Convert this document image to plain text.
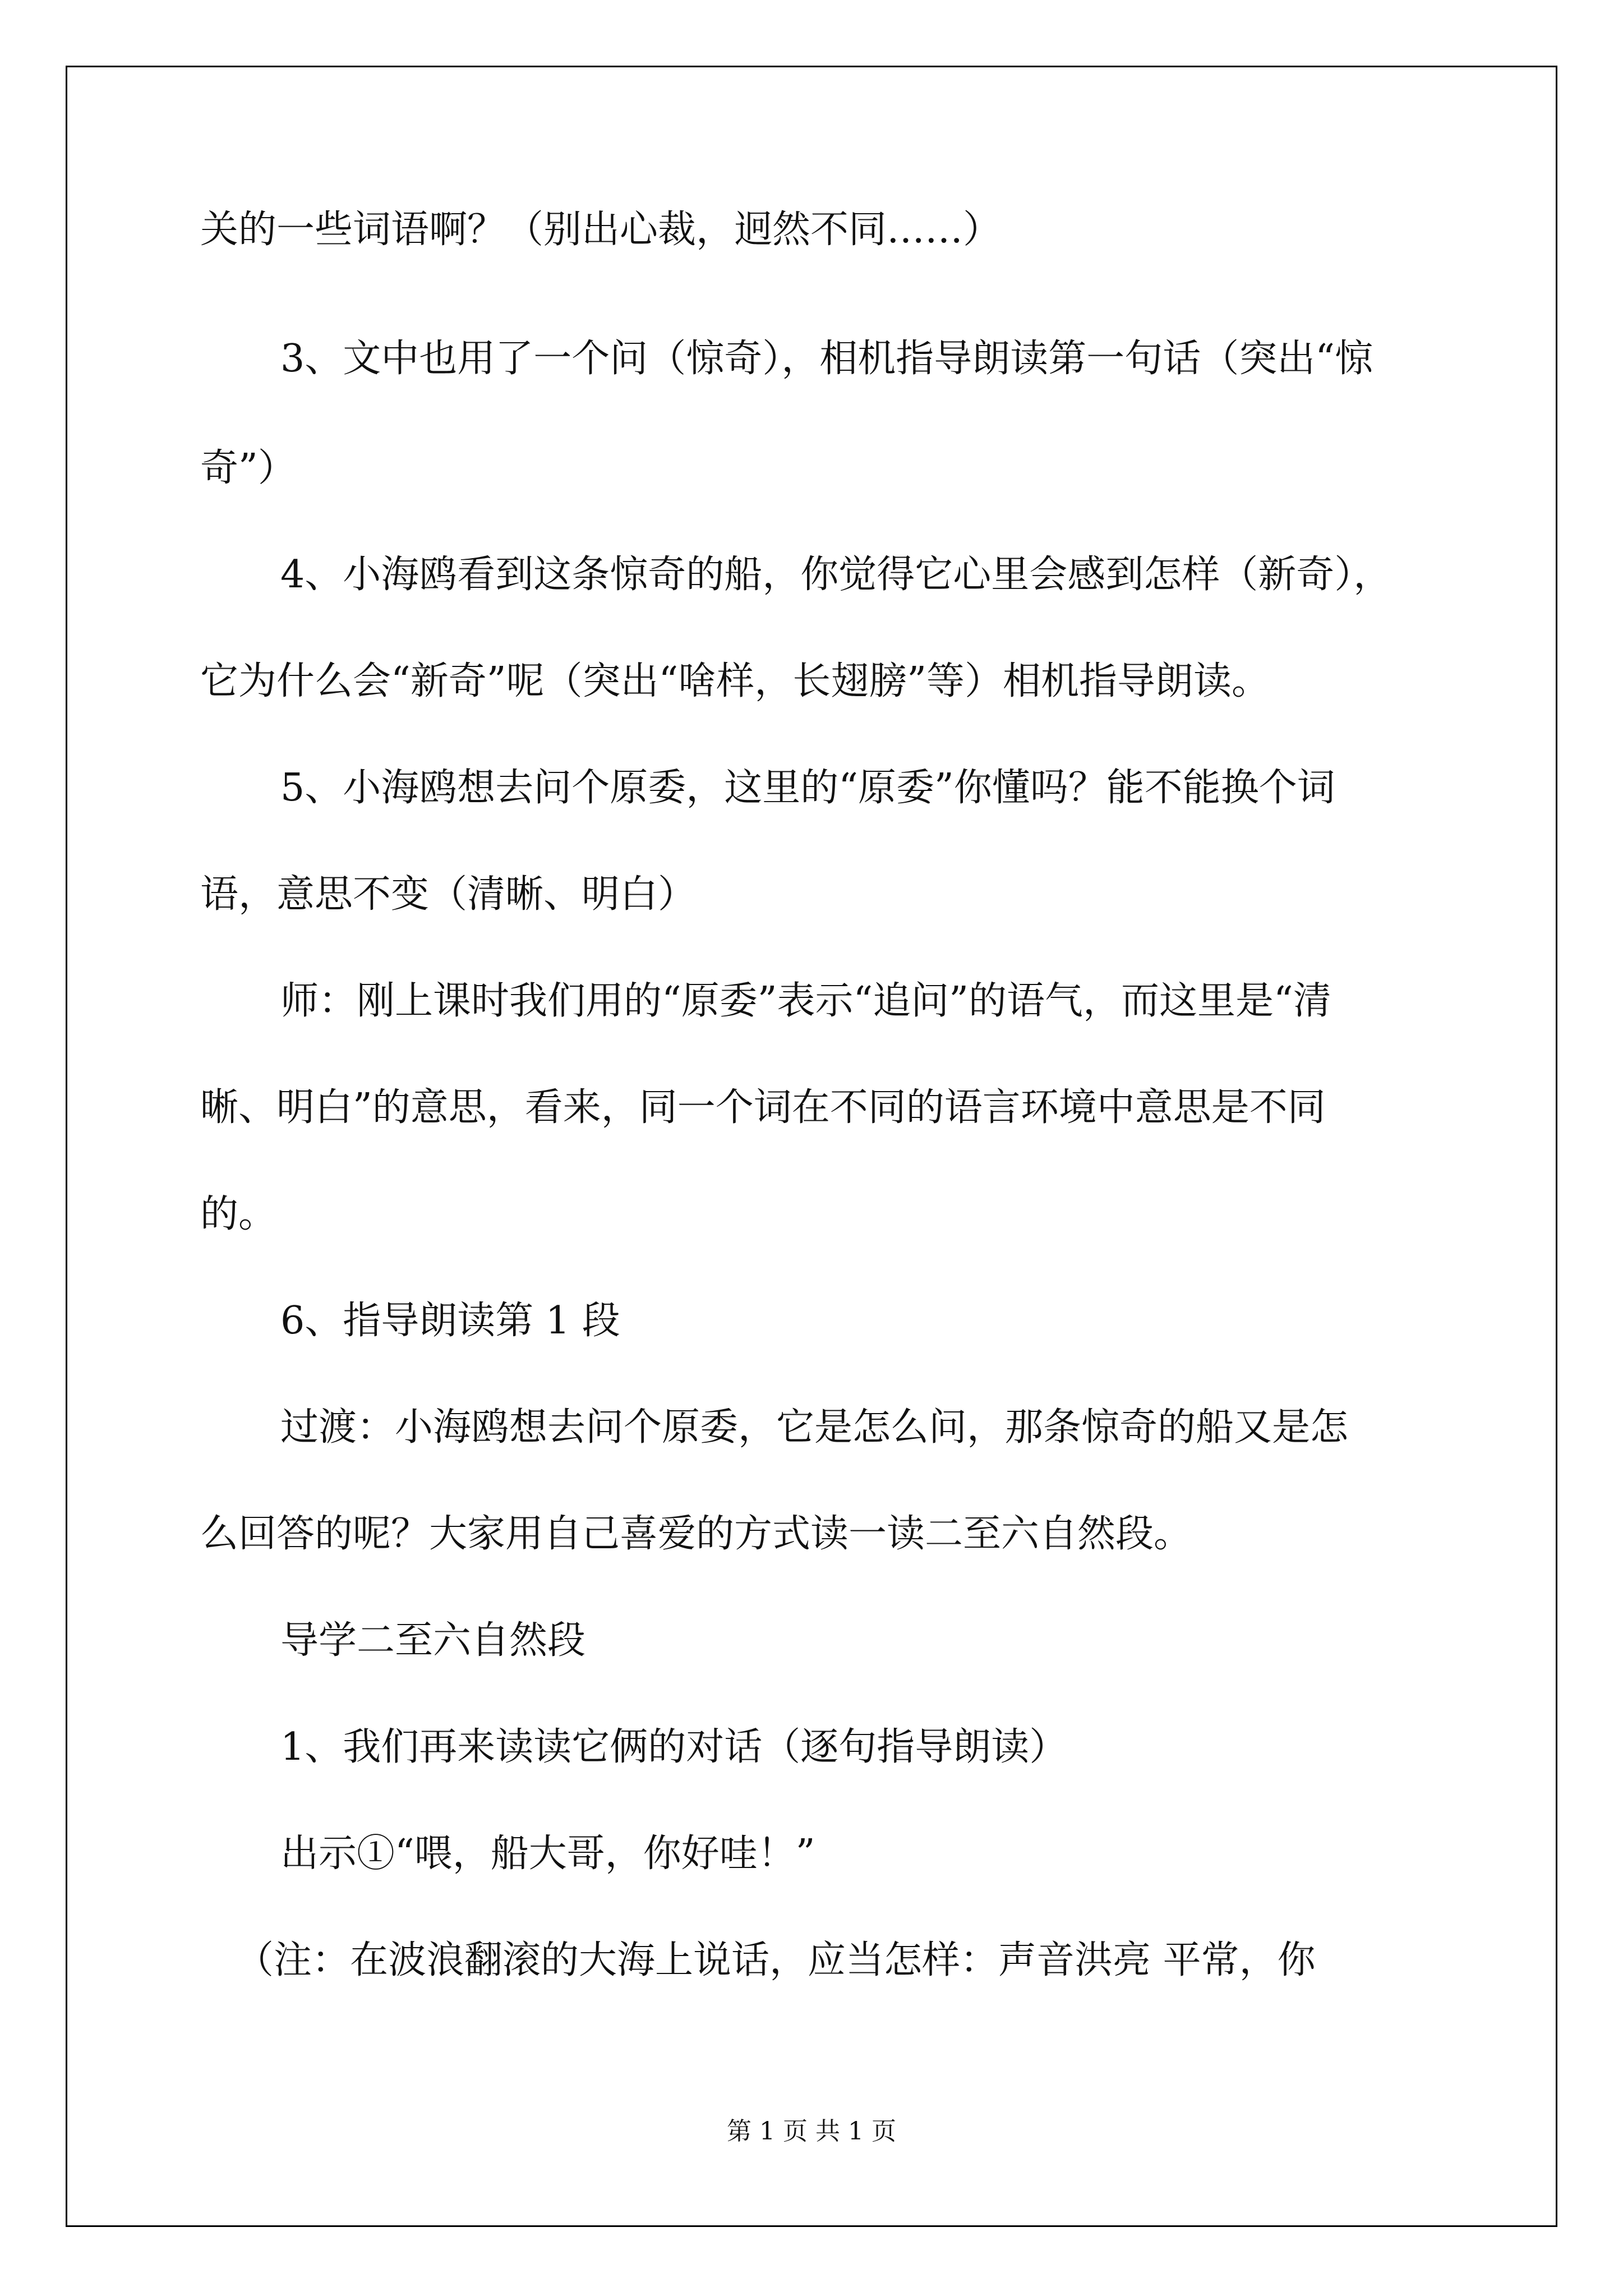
关的一些词语啊？（别出心裁，迥然不同……）

3、文中也用了一个问（惊奇），相机指导朗读第一句话（突出“惊

奇”）

4、小海鸥看到这条惊奇的船，你觉得它心里会感到怎样（新奇），

它为什么会“新奇”呢（突出“啥样，长翅膀”等）相机指导朗读。

5、小海鸥想去问个原委，这里的“原委”你懂吗？能不能换个词

语，意思不变（清晰、明白）

师：刚上课时我们用的“原委”表示“追问”的语气，而这里是“清

晰、明白”的意思，看来，同一个词在不同的语言环境中意思是不同

的。

6、指导朗读第 1 段

过渡：小海鸥想去问个原委，它是怎么问，那条惊奇的船又是怎

么回答的呢？大家用自己喜爱的方式读一读二至六自然段。

导学二至六自然段

1、我们再来读读它俩的对话（逐句指导朗读）

出示①“喂，船大哥，你好哇！”

（注：在波浪翻滚的大海上说话，应当怎样：声音洪亮 平常，你

第 1 页 共 1 页
